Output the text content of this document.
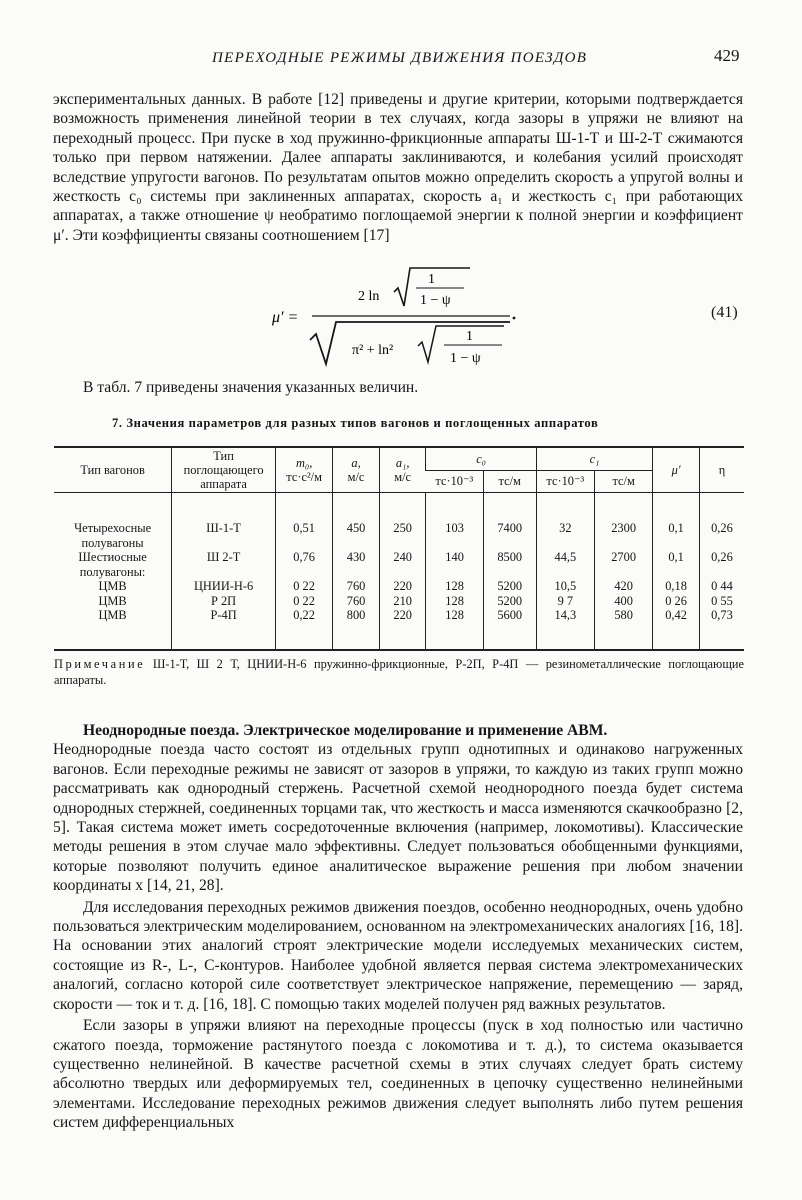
ПЕРЕХОДНЫЕ РЕЖИМЫ ДВИЖЕНИЯ ПОЕЗДОВ	429

экспериментальных данных. В работе [12] приведены и другие критерии, которыми подтверждается возможность применения линейной теории в тех случаях, когда зазоры в упряжи не влияют на переходный процесс. При пуске в ход пружинно-фрикционные аппараты Ш-1-Т и Ш-2-Т сжимаются только при первом натяжении. Далее аппараты заклиниваются, и колебания усилий происходят вследствие упругости вагонов. По результатам опытов можно определить скорость a упругой волны и жесткость c₀ системы при заклиненных аппаратах, скорость a₁ и жесткость c₁ при работающих аппаратах, а также отношение ψ необратимо поглощаемой энергии к полной энергии и коэффициент μ′. Эти коэффициенты связаны соотношением [17]

μ′ =
2 ln
1
1 − ψ
π² + ln²
1
1 − ψ
(41)

В табл. 7 приведены значения указанных величин.

7. Значения параметров для разных типов вагонов и поглощенных аппаратов
Тип вагонов	Тип поглощающего аппарата	m₀,
тс·с²/м	a,
м/с	a₁,
м/с	c₀		c₁		μ′	η
					тс·10⁻³	тс/м	тс·10⁻³	тс/м		
Четырехосные полувагоны	Ш-1-Т	0,51	450	250	103	7400	32	2300	0,1	0,26
Шестиосные полувагоны:	Ш 2-Т	0,76	430	240	140	8500	44,5	2700	0,1	0,26
ЦМВ	ЦНИИ-Н-6	0 22	760	220	128	5200	10,5	420	0,18	0 44
ЦМВ	Р 2П	0 22	760	210	128	5200	9 7	400	0 26	0 55
ЦМВ	Р-4П	0,22	800	220	128	5600	14,3	580	0,42	0,73
Примечание Ш-1-Т, Ш 2 Т, ЦНИИ-Н-6 пружинно-фрикционные, Р-2П, Р-4П — резинометаллические поглощающие аппараты.

Неоднородные поезда. Электрическое моделирование и применение АВМ.

Неоднородные поезда часто состоят из отдельных групп однотипных и одинаково нагруженных вагонов. Если переходные режимы не зависят от зазоров в упряжи, то каждую из таких групп можно рассматривать как однородный стержень. Расчетной схемой неоднородного поезда будет система однородных стержней, соединенных торцами так, что жесткость и масса изменяются скачкообразно [2, 5]. Такая система может иметь сосредоточенные включения (например, локомотивы). Классические методы решения в этом случае мало эффективны. Следует пользоваться обобщенными функциями, которые позволяют получить единое аналитическое выражение решения при любом значении координаты x [14, 21, 28].

Для исследования переходных режимов движения поездов, особенно неоднородных, очень удобно пользоваться электрическим моделированием, основанном на электромеханических аналогиях [16, 18]. На основании этих аналогий строят электрические модели исследуемых механических систем, состоящие из R-, L-, C-контуров. Наиболее удобной является первая система электромеханических аналогий, согласно которой силе соответствует электрическое напряжение, перемещению — заряд, скорости — ток и т. д. [16, 18]. С помощью таких моделей получен ряд важных результатов.

Если зазоры в упряжи влияют на переходные процессы (пуск в ход полностью или частично сжатого поезда, торможение растянутого поезда с локомотива и т. д.), то система оказывается существенно нелинейной. В качестве расчетной схемы в этих случаях следует брать систему абсолютно твердых или деформируемых тел, соединенных в цепочку существенно нелинейными элементами. Исследование переходных режимов движения следует выполнять либо путем решения систем дифференциальных
